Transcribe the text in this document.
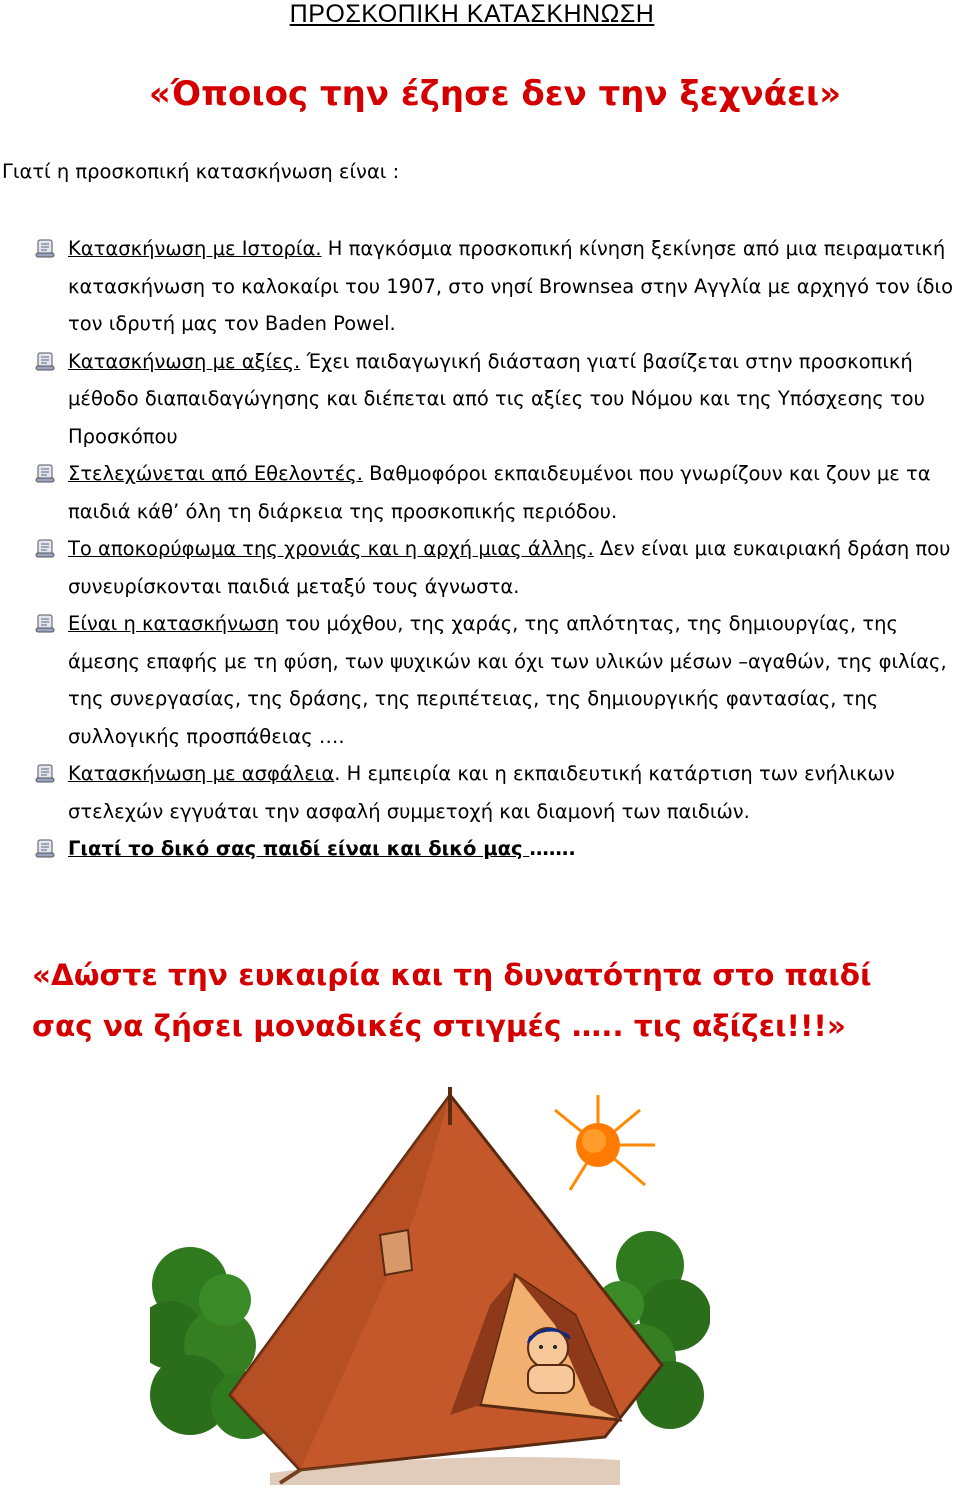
ΠΡΟΣΚΟΠΙΚΗ ΚΑΤΑΣΚΗΝΩΣΗ
«Όποιος την έζησε δεν την ξεχνάει»
Γιατί η προσκοπική κατασκήνωση είναι :
Κατασκήνωση με Ιστορία. Η παγκόσμια προσκοπική κίνηση ξεκίνησε από μια πειραματική κατασκήνωση το καλοκαίρι του 1907, στο νησί Brownsea στην Αγγλία με αρχηγό τον ίδιο τον ιδρυτή μας τον Baden Powel.
Κατασκήνωση με αξίες. Έχει παιδαγωγική διάσταση γιατί βασίζεται στην προσκοπική μέθοδο διαπαιδαγώγησης και διέπεται από τις αξίες του Νόμου και της Υπόσχεσης του Προσκόπου
Στελεχώνεται από Εθελοντές. Βαθμοφόροι εκπαιδευμένοι που γνωρίζουν και ζουν με τα παιδιά κάθ’ όλη τη διάρκεια της προσκοπικής περιόδου.
Το αποκορύφωμα της χρονιάς και η αρχή μιας άλλης. Δεν είναι μια ευκαιριακή δράση που συνευρίσκονται παιδιά μεταξύ τους άγνωστα.
Είναι η κατασκήνωση του μόχθου, της χαράς, της απλότητας, της δημιουργίας, της άμεσης επαφής με τη φύση, των ψυχικών και όχι των υλικών μέσων –αγαθών, της φιλίας, της συνεργασίας, της δράσης, της περιπέτειας, της δημιουργικής φαντασίας, της συλλογικής προσπάθειας ….
Κατασκήνωση με ασφάλεια. Η εμπειρία και η εκπαιδευτική κατάρτιση των ενήλικων στελεχών εγγυάται την ασφαλή συμμετοχή και διαμονή των παιδιών.
Γιατί το δικό σας παιδί είναι και δικό μας …….
«Δώστε την ευκαιρία και τη δυνατότητα στο παιδί σας να ζήσει μοναδικές στιγμές ….. τις αξίζει!!!»
